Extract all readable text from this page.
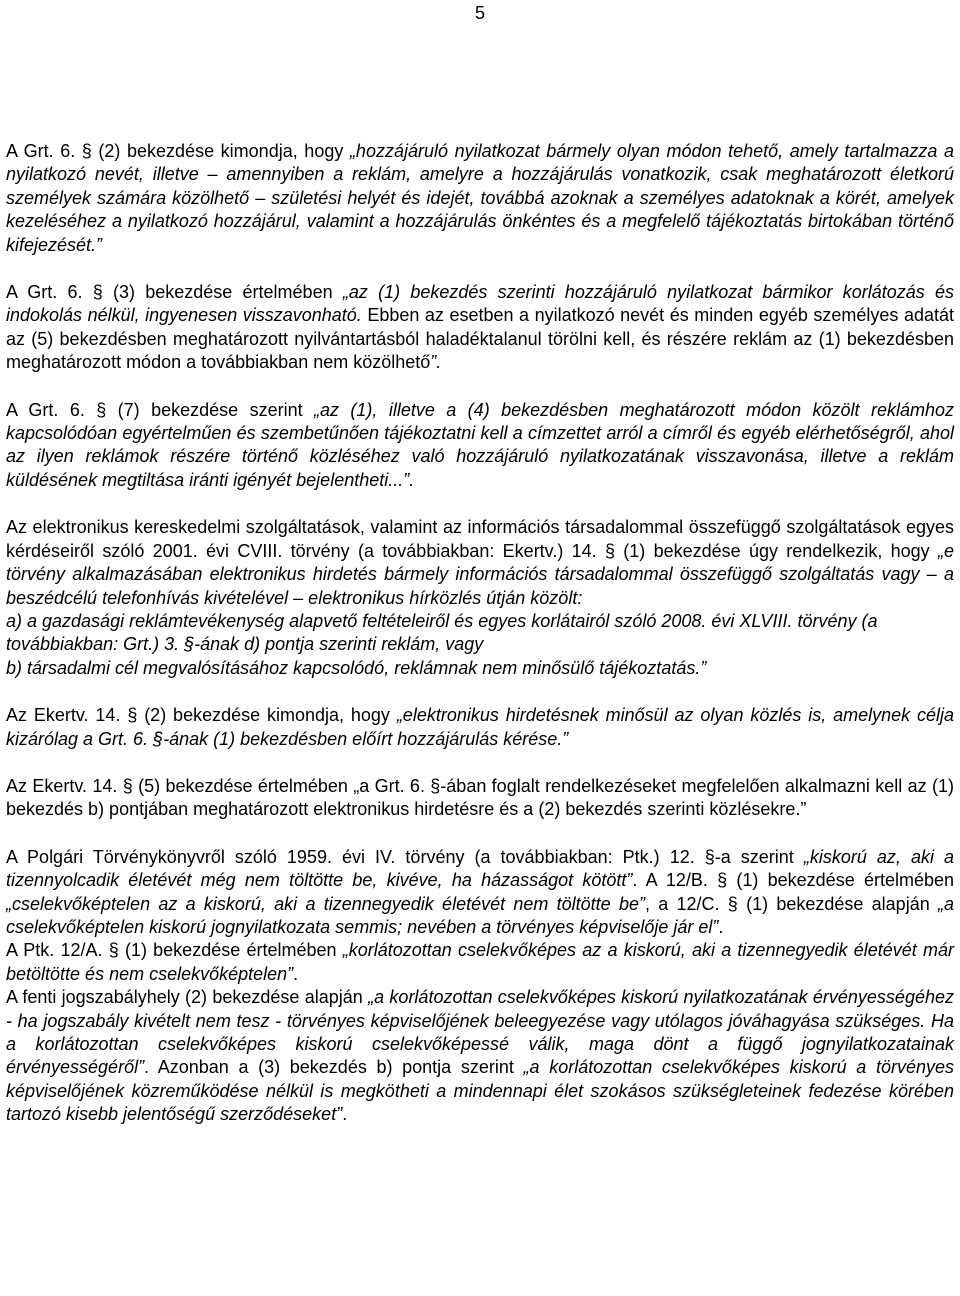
5

A Grt. 6. § (2) bekezdése kimondja, hogy „hozzájáruló nyilatkozat bármely olyan módon tehető, amely tartalmazza a nyilatkozó nevét, illetve – amennyiben a reklám, amelyre a hozzájárulás vonatkozik, csak meghatározott életkorú személyek számára közölhető – születési helyét és idejét, továbbá azoknak a személyes adatoknak a körét, amelyek kezeléséhez a nyilatkozó hozzájárul, valamint a hozzájárulás önkéntes és a megfelelő tájékoztatás birtokában történő kifejezését.”

A Grt. 6. § (3) bekezdése értelmében „az (1) bekezdés szerinti hozzájáruló nyilatkozat bármikor korlátozás és indokolás nélkül, ingyenesen visszavonható. Ebben az esetben a nyilatkozó nevét és minden egyéb személyes adatát az (5) bekezdésben meghatározott nyilvántartásból haladéktalanul törölni kell, és részére reklám az (1) bekezdésben meghatározott módon a továbbiakban nem közölhető”.

A Grt. 6. § (7) bekezdése szerint „az (1), illetve a (4) bekezdésben meghatározott módon közölt reklámhoz kapcsolódóan egyértelműen és szembetűnően tájékoztatni kell a címzettet arról a címről és egyéb elérhetőségről, ahol az ilyen reklámok részére történő közléséhez való hozzájáruló nyilatkozatának visszavonása, illetve a reklám küldésének megtiltása iránti igényét bejelentheti...”.

Az elektronikus kereskedelmi szolgáltatások, valamint az információs társadalommal összefüggő szolgáltatások egyes kérdéseiről szóló 2001. évi CVIII. törvény (a továbbiakban: Ekertv.) 14. § (1) bekezdése úgy rendelkezik, hogy „e törvény alkalmazásában elektronikus hirdetés bármely információs társadalommal összefüggő szolgáltatás vagy – a beszédcélú telefonhívás kivételével – elektronikus hírközlés útján közölt:

a) a gazdasági reklámtevékenység alapvető feltételeiről és egyes korlátairól szóló 2008. évi XLVIII. törvény (a továbbiakban: Grt.) 3. §-ának d) pontja szerinti reklám, vagy

b) társadalmi cél megvalósításához kapcsolódó, reklámnak nem minősülő tájékoztatás.”

Az Ekertv. 14. § (2) bekezdése kimondja, hogy „elektronikus hirdetésnek minősül az olyan közlés is, amelynek célja kizárólag a Grt. 6. §-ának (1) bekezdésben előírt hozzájárulás kérése.”

Az Ekertv. 14. § (5) bekezdése értelmében „a Grt. 6. §-ában foglalt rendelkezéseket megfelelően alkalmazni kell az (1) bekezdés b) pontjában meghatározott elektronikus hirdetésre és a (2) bekezdés szerinti közlésekre.”

A Polgári Törvénykönyvről szóló 1959. évi IV. törvény (a továbbiakban: Ptk.) 12. §-a szerint „kiskorú az, aki a tizennyolcadik életévét még nem töltötte be, kivéve, ha házasságot kötött”. A 12/B. § (1) bekezdése értelmében „cselekvőképtelen az a kiskorú, aki a tizennegyedik életévét nem töltötte be”, a 12/C. § (1) bekezdése alapján „a cselekvőképtelen kiskorú jognyilatkozata semmis; nevében a törvényes képviselője jár el”.

A Ptk. 12/A. § (1) bekezdése értelmében „korlátozottan cselekvőképes az a kiskorú, aki a tizennegyedik életévét már betöltötte és nem cselekvőképtelen”.

A fenti jogszabályhely (2) bekezdése alapján „a korlátozottan cselekvőképes kiskorú nyilatkozatának érvényességéhez - ha jogszabály kivételt nem tesz - törvényes képviselőjének beleegyezése vagy utólagos jóváhagyása szükséges. Ha a korlátozottan cselekvőképes kiskorú cselekvőképessé válik, maga dönt a függő jognyilatkozatainak érvényességéről”. Azonban a (3) bekezdés b) pontja szerint „a korlátozottan cselekvőképes kiskorú a törvényes képviselőjének közreműködése nélkül is megkötheti a mindennapi élet szokásos szükségleteinek fedezése körében tartozó kisebb jelentőségű szerződéseket”.
